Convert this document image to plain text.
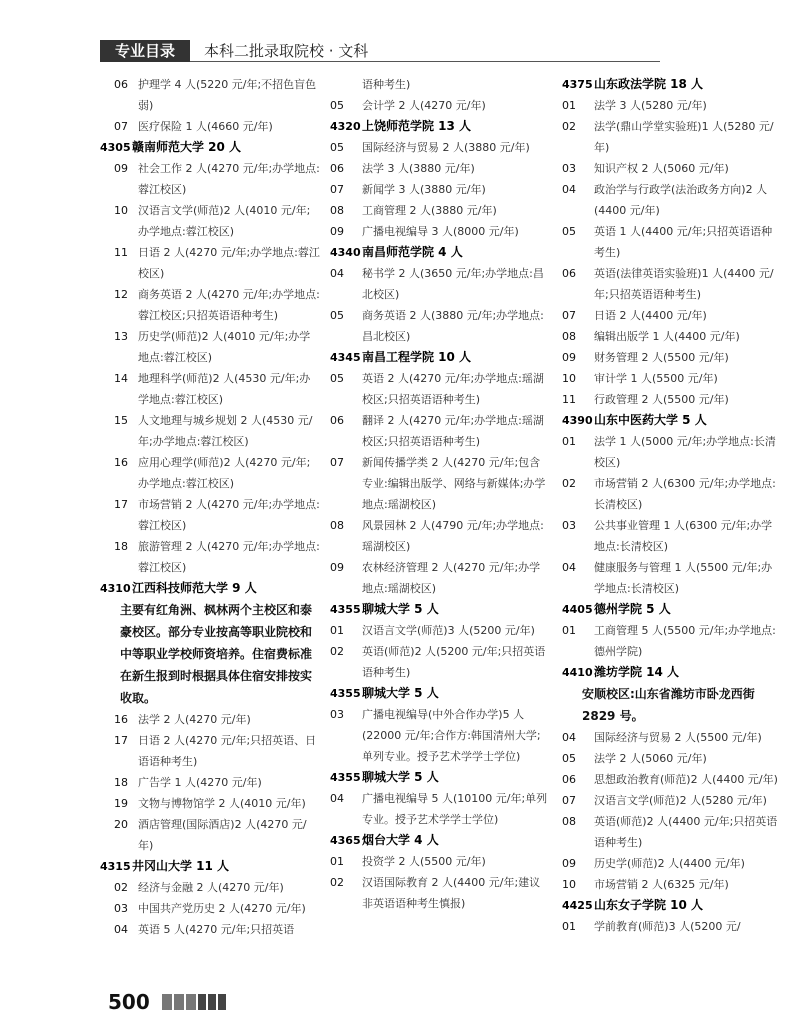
专业目录	本科二批录取院校 · 文科
06 护理学 4 人(5220 元/年;不招色盲色弱)
07 医疗保险 1 人(4660 元/年)
4305 赣南师范大学 20 人
09 社会工作 2 人(4270 元/年;办学地点:蓉江校区)
10 汉语言文学(师范)2 人(4010 元/年;办学地点:蓉江校区)
11 日语 2 人(4270 元/年;办学地点:蓉江校区)
12 商务英语 2 人(4270 元/年;办学地点:蓉江校区;只招英语语种考生)
13 历史学(师范)2 人(4010 元/年;办学地点:蓉江校区)
14 地理科学(师范)2 人(4530 元/年;办学地点:蓉江校区)
15 人文地理与城乡规划 2 人(4530 元/年;办学地点:蓉江校区)
16 应用心理学(师范)2 人(4270 元/年;办学地点:蓉江校区)
17 市场营销 2 人(4270 元/年;办学地点:蓉江校区)
18 旅游管理 2 人(4270 元/年;办学地点:蓉江校区)
4310 江西科技师范大学 9 人
主要有红角洲、枫林两个主校区和泰豪校区。部分专业按高等职业院校和中等职业学校师资培养。住宿费标准在新生报到时根据具体住宿安排按实收取。
16 法学 2 人(4270 元/年)
17 日语 2 人(4270 元/年;只招英语、日语语种考生)
18 广告学 1 人(4270 元/年)
19 文物与博物馆学 2 人(4010 元/年)
20 酒店管理(国际酒店)2 人(4270 元/年)
4315 井冈山大学 11 人
02 经济与金融 2 人(4270 元/年)
03 中国共产党历史 2 人(4270 元/年)
04 英语 5 人(4270 元/年;只招英语
语种考生)
05 会计学 2 人(4270 元/年)
4320 上饶师范学院 13 人
05 国际经济与贸易 2 人(3880 元/年)
06 法学 3 人(3880 元/年)
07 新闻学 3 人(3880 元/年)
08 工商管理 2 人(3880 元/年)
09 广播电视编导 3 人(8000 元/年)
4340 南昌师范学院 4 人
04 秘书学 2 人(3650 元/年;办学地点:昌北校区)
05 商务英语 2 人(3880 元/年;办学地点:昌北校区)
4345 南昌工程学院 10 人
05 英语 2 人(4270 元/年;办学地点:瑶湖校区;只招英语语种考生)
06 翻译 2 人(4270 元/年;办学地点:瑶湖校区;只招英语语种考生)
07 新闻传播学类 2 人(4270 元/年;包含专业:编辑出版学、网络与新媒体;办学地点:瑶湖校区)
08 风景园林 2 人(4790 元/年;办学地点:瑶湖校区)
09 农林经济管理 2 人(4270 元/年;办学地点:瑶湖校区)
4355 聊城大学 5 人
01 汉语言文学(师范)3 人(5200 元/年)
02 英语(师范)2 人(5200 元/年;只招英语语种考生)
4355 聊城大学 5 人
03 广播电视编导(中外合作办学)5 人(22000 元/年;合作方:韩国清州大学;单列专业。授予艺术学学士学位)
4355 聊城大学 5 人
04 广播电视编导 5 人(10100 元/年;单列专业。授予艺术学学士学位)
4365 烟台大学 4 人
01 投资学 2 人(5500 元/年)
02 汉语国际教育 2 人(4400 元/年;建议非英语语种考生慎报)
4375 山东政法学院 18 人
01 法学 3 人(5280 元/年)
02 法学(鼎山学堂实验班)1 人(5280 元/年)
03 知识产权 2 人(5060 元/年)
04 政治学与行政学(法治政务方向)2 人(4400 元/年)
05 英语 1 人(4400 元/年;只招英语语种考生)
06 英语(法律英语实验班)1 人(4400 元/年;只招英语语种考生)
07 日语 2 人(4400 元/年)
08 编辑出版学 1 人(4400 元/年)
09 财务管理 2 人(5500 元/年)
10 审计学 1 人(5500 元/年)
11 行政管理 2 人(5500 元/年)
4390 山东中医药大学 5 人
01 法学 1 人(5000 元/年;办学地点:长清校区)
02 市场营销 2 人(6300 元/年;办学地点:长清校区)
03 公共事业管理 1 人(6300 元/年;办学地点:长清校区)
04 健康服务与管理 1 人(5500 元/年;办学地点:长清校区)
4405 德州学院 5 人
01 工商管理 5 人(5500 元/年;办学地点:德州学院)
4410 潍坊学院 14 人
安顺校区:山东省潍坊市卧龙西街 2829 号。
04 国际经济与贸易 2 人(5500 元/年)
05 法学 2 人(5060 元/年)
06 思想政治教育(师范)2 人(4400 元/年)
07 汉语言文学(师范)2 人(5280 元/年)
08 英语(师范)2 人(4400 元/年;只招英语语种考生)
09 历史学(师范)2 人(4400 元/年)
10 市场营销 2 人(6325 元/年)
4425 山东女子学院 10 人
01 学前教育(师范)3 人(5200 元/
500
